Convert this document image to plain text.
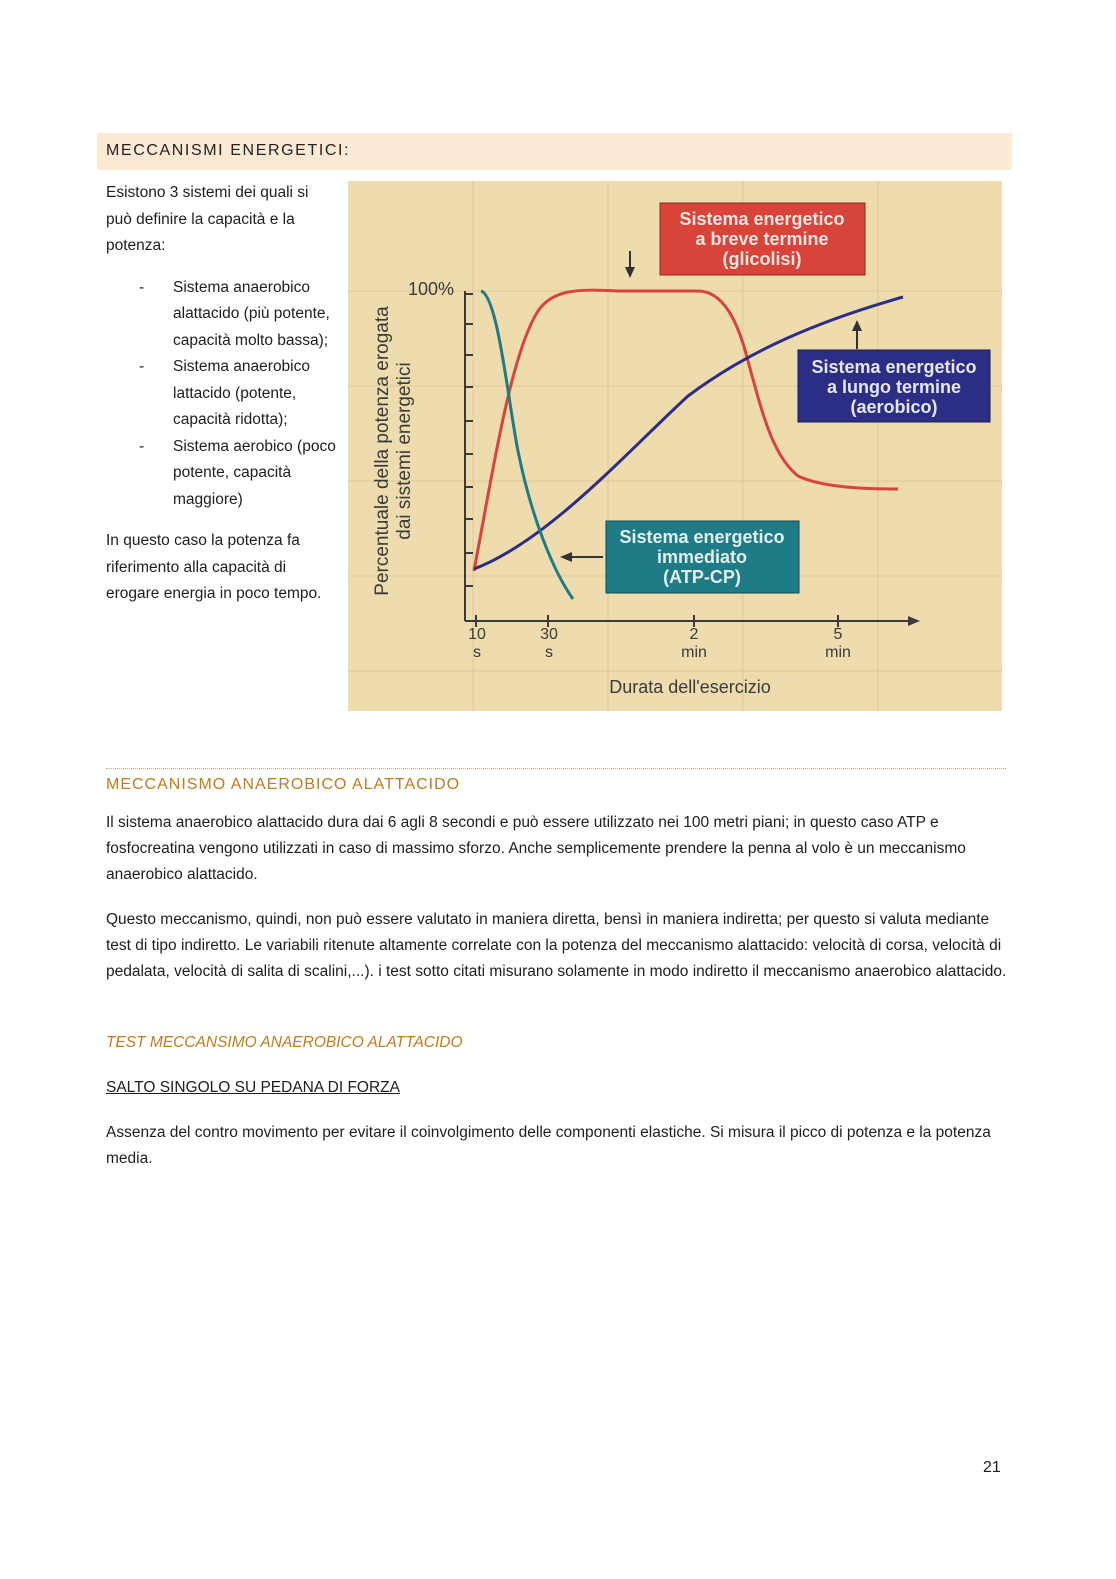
MECCANISMI ENERGETICI:

Esistono 3 sistemi dei quali si può definire la capacità e la potenza:

- Sistema anaerobico alattacido (più potente, capacità molto bassa);
- Sistema anaerobico lattacido (potente, capacità ridotta);
- Sistema aerobico (poco potente, capacità maggiore)

In questo caso la potenza fa riferimento alla capacità di erogare energia in poco tempo.	Percentuale della potenza erogata dai sistemi energetici
100%
10
s
30
s
2
min
5
min
Durata dell'esercizio
Sistema energetico
a breve termine
(glicolisi)
Sistema energetico
a lungo termine
(aerobico)
Sistema energetico
immediato
(ATP-CP)
MECCANISMO ANAEROBICO ALATTACIDO

Il sistema anaerobico alattacido dura dai 6 agli 8 secondi e può essere utilizzato nei 100 metri piani; in questo caso ATP e fosfocreatina vengono utilizzati in caso di massimo sforzo. Anche semplicemente prendere la penna al volo è un meccanismo anaerobico alattacido.

Questo meccanismo, quindi, non può essere valutato in maniera diretta, bensì in maniera indiretta; per questo si valuta mediante test di tipo indiretto. Le variabili ritenute altamente correlate con la potenza del meccanismo alattacido: velocità di corsa, velocità di pedalata, velocità di salita di scalini,...). i test sotto citati misurano solamente in modo indiretto il meccanismo anaerobico alattacido.

TEST MECCANSIMO ANAEROBICO ALATTACIDO
SALTO SINGOLO SU PEDANA DI FORZA

Assenza del contro movimento per evitare il coinvolgimento delle componenti elastiche. Si misura il picco di potenza e la potenza media.

21
